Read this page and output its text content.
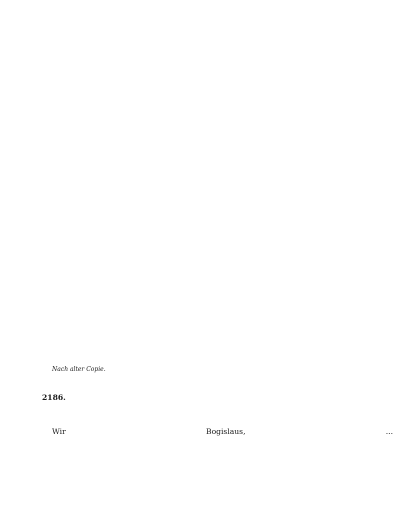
Nach alter Copie.
2186.
Wir Bogislaus, ...
